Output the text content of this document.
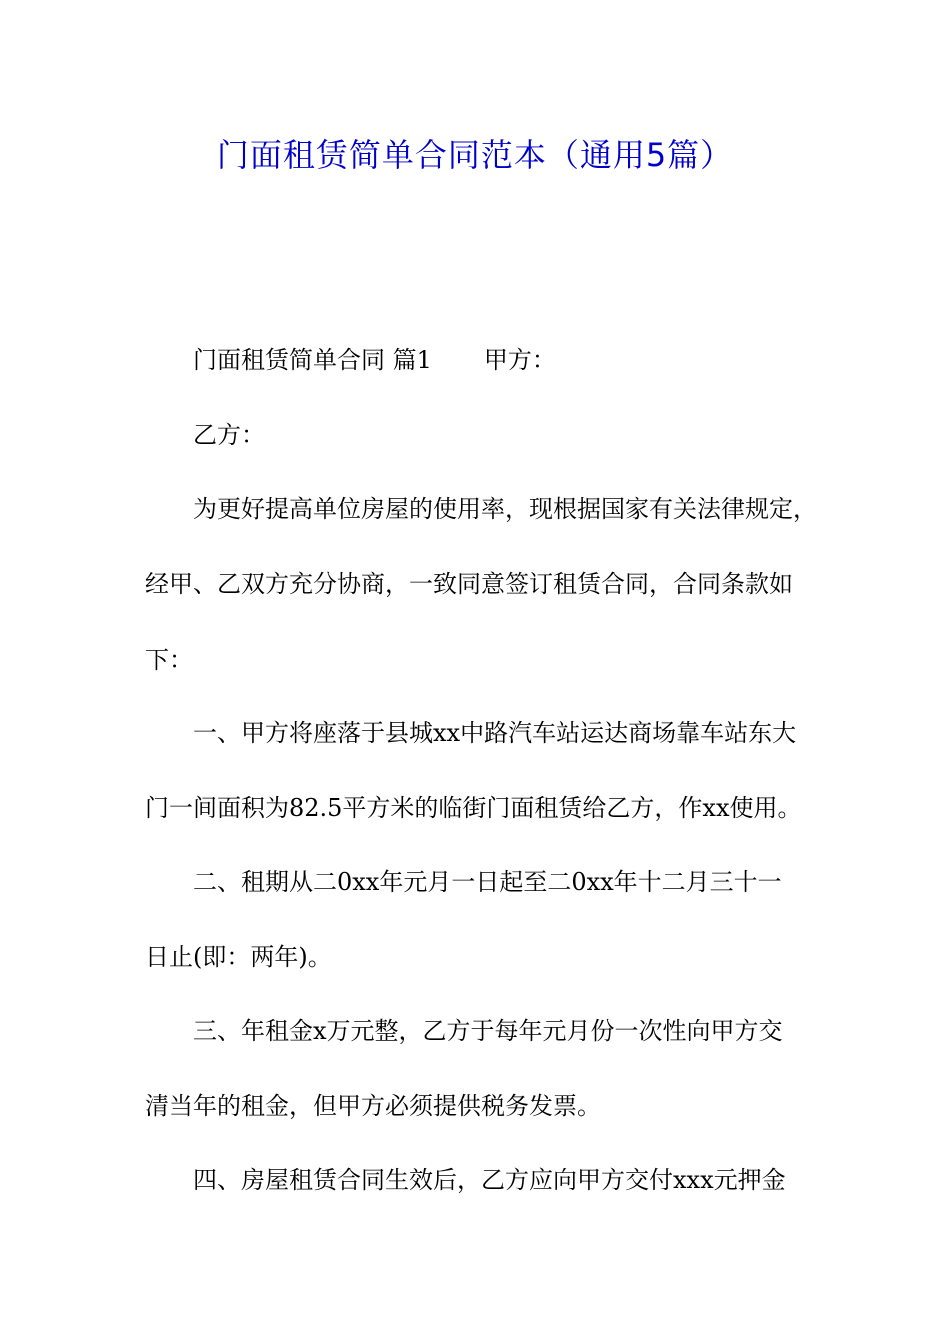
门面租赁简单合同范本（通用5篇）

门面租赁简单合同 篇1 甲方：

乙方：

为更好提高单位房屋的使用率，现根据国家有关法律规定，

经甲、乙双方充分协商，一致同意签订租赁合同，合同条款如

下：

一、甲方将座落于县城xx中路汽车站运达商场靠车站东大

门一间面积为82.5平方米的临街门面租赁给乙方，作xx使用。

二、租期从二0xx年元月一日起至二0xx年十二月三十一

日止(即：两年)。

三、年租金x万元整，乙方于每年元月份一次性向甲方交

清当年的租金，但甲方必须提供税务发票。

四、房屋租赁合同生效后，乙方应向甲方交付xxx元押金
